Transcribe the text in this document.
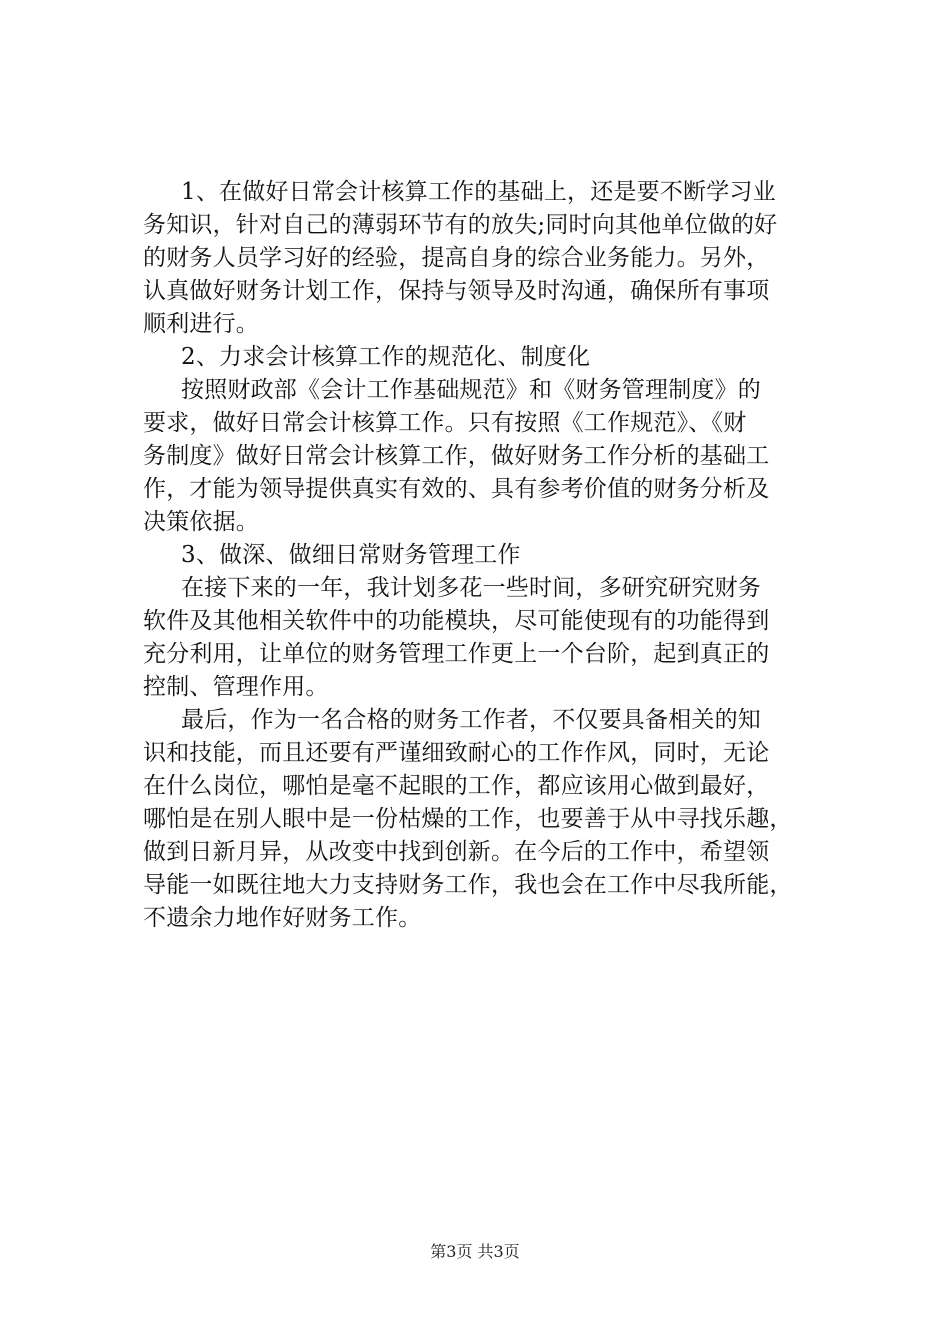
1、在做好日常会计核算工作的基础上，还是要不断学习业
务知识，针对自己的薄弱环节有的放失;同时向其他单位做的好
的财务人员学习好的经验，提高自身的综合业务能力。另外，
认真做好财务计划工作，保持与领导及时沟通，确保所有事项
顺利进行。
2、力求会计核算工作的规范化、制度化
按照财政部《会计工作基础规范》和《财务管理制度》的
要求，做好日常会计核算工作。只有按照《工作规范》、《财
务制度》做好日常会计核算工作，做好财务工作分析的基础工
作，才能为领导提供真实有效的、具有参考价值的财务分析及
决策依据。
3、做深、做细日常财务管理工作
在接下来的一年，我计划多花一些时间，多研究研究财务
软件及其他相关软件中的功能模块，尽可能使现有的功能得到
充分利用，让单位的财务管理工作更上一个台阶，起到真正的
控制、管理作用。
最后，作为一名合格的财务工作者，不仅要具备相关的知
识和技能，而且还要有严谨细致耐心的工作作风，同时，无论
在什么岗位，哪怕是毫不起眼的工作，都应该用心做到最好，
哪怕是在别人眼中是一份枯燥的工作，也要善于从中寻找乐趣，
做到日新月异，从改变中找到创新。在今后的工作中，希望领
导能一如既往地大力支持财务工作，我也会在工作中尽我所能，
不遗余力地作好财务工作。
第3页 共3页
